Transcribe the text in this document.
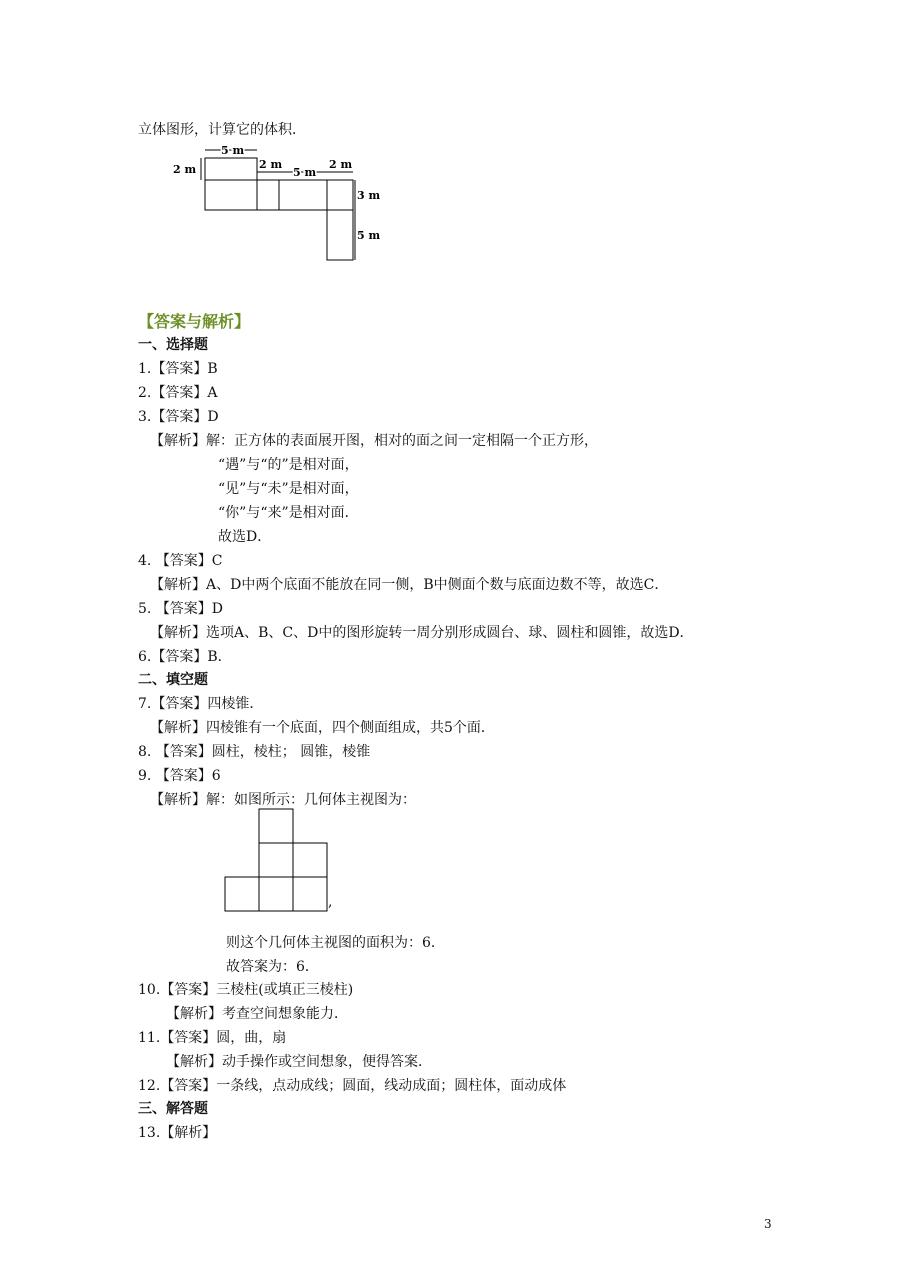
立体图形，计算它的体积．
2 m
5 m
2 m
5 m
2 m
3 m
5 m
【答案与解析】
一、选择题
1.【答案】B
2.【答案】A
3.【答案】D
【解析】解：正方体的表面展开图，相对的面之间一定相隔一个正方形，
“遇”与“的”是相对面，
“见”与“未”是相对面，
“你”与“来”是相对面．
故选D．
4. 【答案】C
【解析】A、D中两个底面不能放在同一侧，B中侧面个数与底面边数不等，故选C．
5. 【答案】D
【解析】选项A、B、C、D中的图形旋转一周分别形成圆台、球、圆柱和圆锥，故选D．
6.【答案】B．
二、填空题
7.【答案】四棱锥．
【解析】四棱锥有一个底面，四个侧面组成，共5个面．
8. 【答案】圆柱，棱柱； 圆锥，棱锥
9. 【答案】6
【解析】解：如图所示：几何体主视图为：
,
则这个几何体主视图的面积为：6．
故答案为：6．
10.【答案】三棱柱(或填正三棱柱)
【解析】考查空间想象能力．
11.【答案】圆，曲，扇
【解析】动手操作或空间想象，便得答案．
12.【答案】一条线，点动成线；圆面，线动成面；圆柱体，面动成体
三、解答题
13.【解析】
3
